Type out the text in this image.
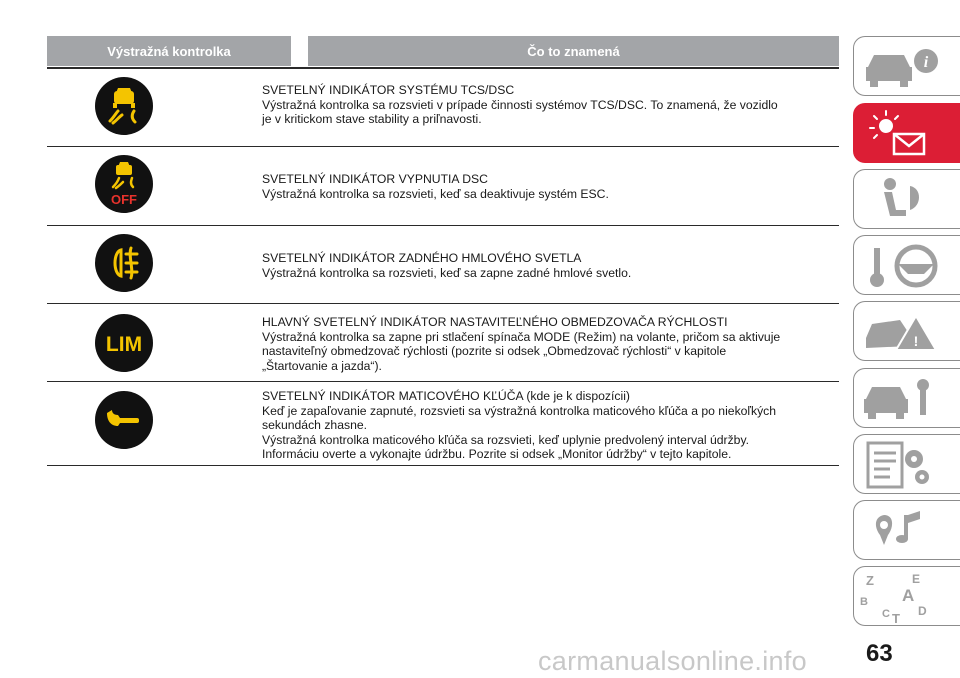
Výstražná kontrolka	Čo to znamená
SVETELNÝ INDIKÁTOR SYSTÉMU TCS/DSC
Výstražná kontrolka sa rozsvieti v prípade činnosti systémov TCS/DSC. To znamená, že vozidlo
je v kritickom stave stability a priľnavosti.
OFF
SVETELNÝ INDIKÁTOR VYPNUTIA DSC
Výstražná kontrolka sa rozsvieti, keď sa deaktivuje systém ESC.
SVETELNÝ INDIKÁTOR ZADNÉHO HMLOVÉHO SVETLA
Výstražná kontrolka sa rozsvieti, keď sa zapne zadné hmlové svetlo.
LIM
HLAVNÝ SVETELNÝ INDIKÁTOR NASTAVITEĽNÉHO OBMEDZOVAČA RÝCHLOSTI
Výstražná kontrolka sa zapne pri stlačení spínača MODE (Režim) na volante, pričom sa aktivuje
nastaviteľný obmedzovač rýchlosti (pozrite si odsek „Obmedzovač rýchlosti“ v kapitole
„Štartovanie a jazda“).
SVETELNÝ INDIKÁTOR MATICOVÉHO KĽÚČA (kde je k dispozícii)
Keď je zapaľovanie zapnuté, rozsvieti sa výstražná kontrolka maticového kľúča a po niekoľkých
sekundách zhasne.
Výstražná kontrolka maticového kľúča sa rozsvieti, keď uplynie predvolený interval údržby.
Informáciu overte a vykonajte údržbu. Pozrite si odsek „Monitor údržby“ v tejto kapitole.
i
!
Z	E
A
B
C T D
63
carmanualsonline.info
